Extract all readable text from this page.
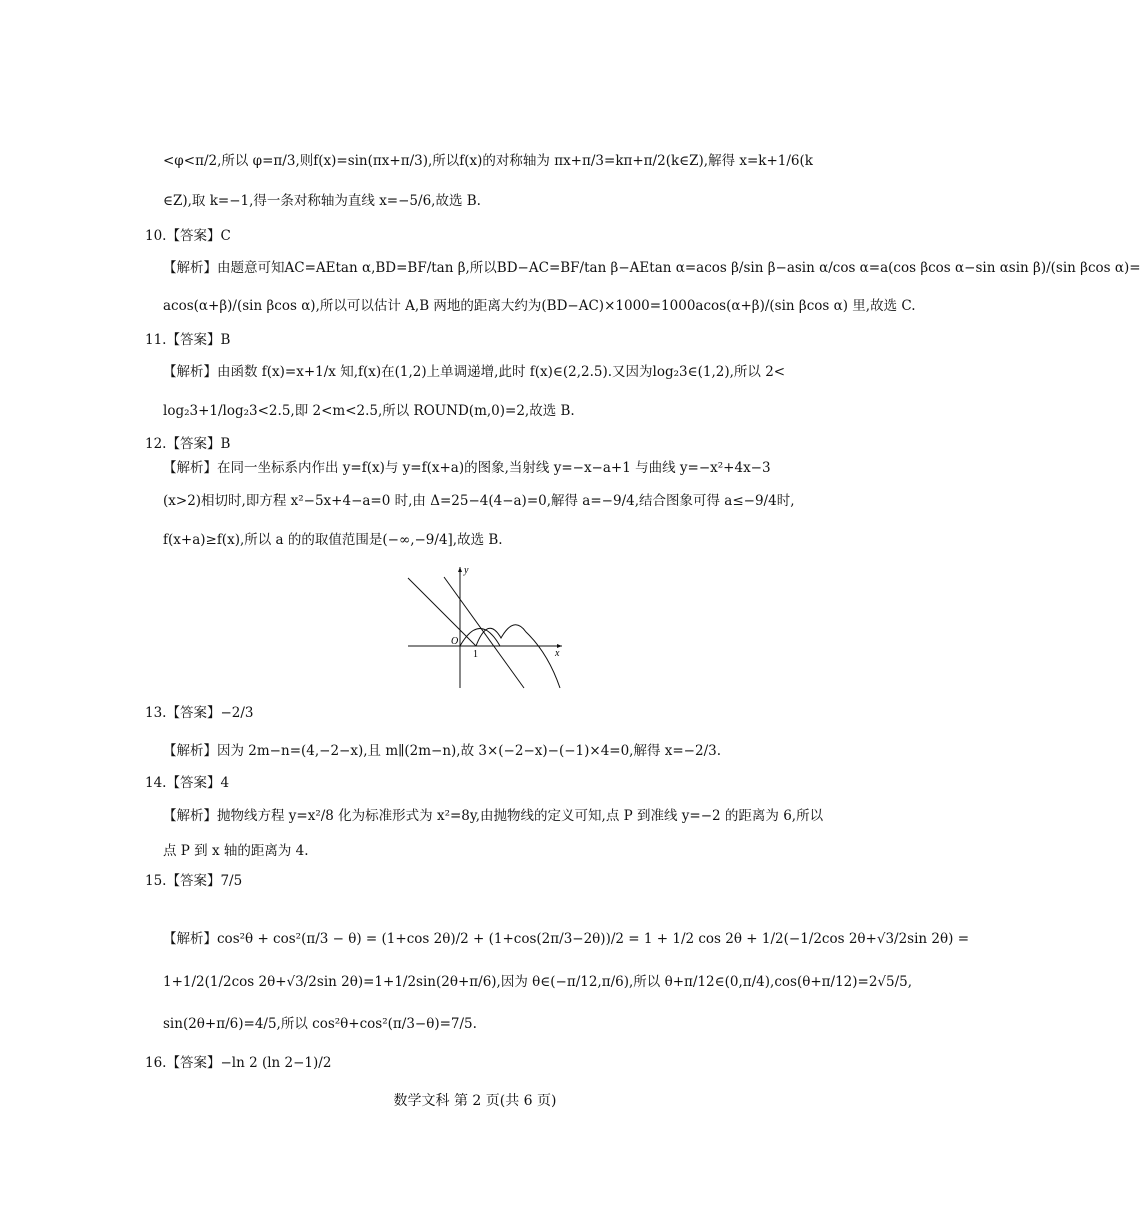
<φ<π/2,所以 φ=π/3,则f(x)=sin(πx+π/3),所以f(x)的对称轴为 πx+π/3=kπ+π/2(k∈Z),解得 x=k+1/6(k
∈Z),取 k=−1,得一条对称轴为直线 x=−5/6,故选 B.
10.【答案】C
【解析】由题意可知AC=AEtan α,BD=BF/tan β,所以BD−AC=BF/tan β−AEtan α=acos β/sin β−asin α/cos α=a(cos βcos α−sin αsin β)/(sin βcos α)=
acos(α+β)/(sin βcos α),所以可以估计 A,B 两地的距离大约为(BD−AC)×1000=1000acos(α+β)/(sin βcos α) 里,故选 C.
11.【答案】B
【解析】由函数 f(x)=x+1/x 知,f(x)在(1,2)上单调递增,此时 f(x)∈(2,2.5).又因为log₂3∈(1,2),所以 2<
log₂3+1/log₂3<2.5,即 2<m<2.5,所以 ROUND(m,0)=2,故选 B.
12.【答案】B
【解析】在同一坐标系内作出 y=f(x)与 y=f(x+a)的图象,当射线 y=−x−a+1 与曲线 y=−x²+4x−3
(x>2)相切时,即方程 x²−5x+4−a=0 时,由 Δ=25−4(4−a)=0,解得 a=−9/4,结合图象可得 a≤−9/4时,
f(x+a)≥f(x),所以 a 的的取值范围是(−∞,−9/4],故选 B.
y
x
O
1
13.【答案】−2/3
【解析】因为 2m−n=(4,−2−x),且 m∥(2m−n),故 3×(−2−x)−(−1)×4=0,解得 x=−2/3.
14.【答案】4
【解析】抛物线方程 y=x²/8 化为标准形式为 x²=8y,由抛物线的定义可知,点 P 到准线 y=−2 的距离为 6,所以
点 P 到 x 轴的距离为 4.
15.【答案】7/5
【解析】cos²θ + cos²(π/3 − θ) = (1+cos 2θ)/2 + (1+cos(2π/3−2θ))/2 = 1 + 1/2 cos 2θ + 1/2(−1/2cos 2θ+√3/2sin 2θ) =
1+1/2(1/2cos 2θ+√3/2sin 2θ)=1+1/2sin(2θ+π/6),因为 θ∈(−π/12,π/6),所以 θ+π/12∈(0,π/4),cos(θ+π/12)=2√5/5,
sin(2θ+π/6)=4/5,所以 cos²θ+cos²(π/3−θ)=7/5.
16.【答案】−ln 2 (ln 2−1)/2
数学文科 第 2 页(共 6 页)
